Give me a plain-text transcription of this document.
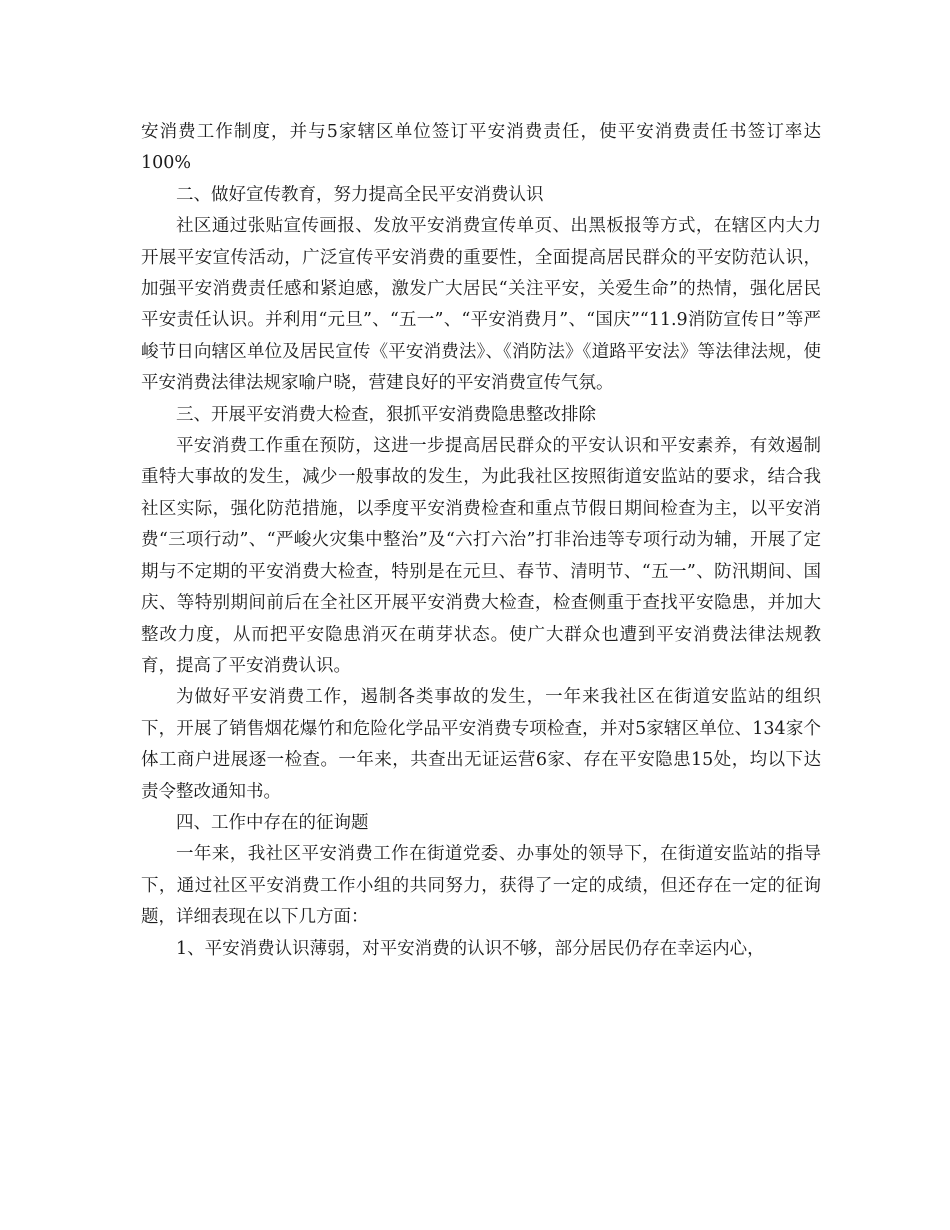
安消费工作制度，并与5家辖区单位签订平安消费责任，使平安消费责任书签订率达100%

二、做好宣传教育，努力提高全民平安消费认识

社区通过张贴宣传画报、发放平安消费宣传单页、出黑板报等方式，在辖区内大力开展平安宣传活动，广泛宣传平安消费的重要性，全面提高居民群众的平安防范认识，加强平安消费责任感和紧迫感，激发广大居民“关注平安，关爱生命”的热情，强化居民平安责任认识。并利用“元旦”、“五一”、“平安消费月”、“国庆”“11.9消防宣传日”等严峻节日向辖区单位及居民宣传《平安消费法》、《消防法》《道路平安法》等法律法规，使平安消费法律法规家喻户晓，营建良好的平安消费宣传气氛。

三、开展平安消费大检查，狠抓平安消费隐患整改排除

平安消费工作重在预防，这进一步提高居民群众的平安认识和平安素养，有效遏制重特大事故的发生，减少一般事故的发生，为此我社区按照街道安监站的要求，结合我社区实际，强化防范措施，以季度平安消费检查和重点节假日期间检查为主，以平安消费“三项行动”、“严峻火灾集中整治”及“六打六治”打非治违等专项行动为辅，开展了定期与不定期的平安消费大检查，特别是在元旦、春节、清明节、“五一”、防汛期间、国庆、等特别期间前后在全社区开展平安消费大检查，检查侧重于查找平安隐患，并加大整改力度，从而把平安隐患消灭在萌芽状态。使广大群众也遭到平安消费法律法规教育，提高了平安消费认识。

为做好平安消费工作，遏制各类事故的发生，一年来我社区在街道安监站的组织下，开展了销售烟花爆竹和危险化学品平安消费专项检查，并对5家辖区单位、134家个体工商户进展逐一检查。一年来，共查出无证运营6家、存在平安隐患15处，均以下达责令整改通知书。

四、工作中存在的征询题

一年来，我社区平安消费工作在街道党委、办事处的领导下，在街道安监站的指导下，通过社区平安消费工作小组的共同努力，获得了一定的成绩，但还存在一定的征询题，详细表现在以下几方面：

1、平安消费认识薄弱，对平安消费的认识不够，部分居民仍存在幸运内心，
